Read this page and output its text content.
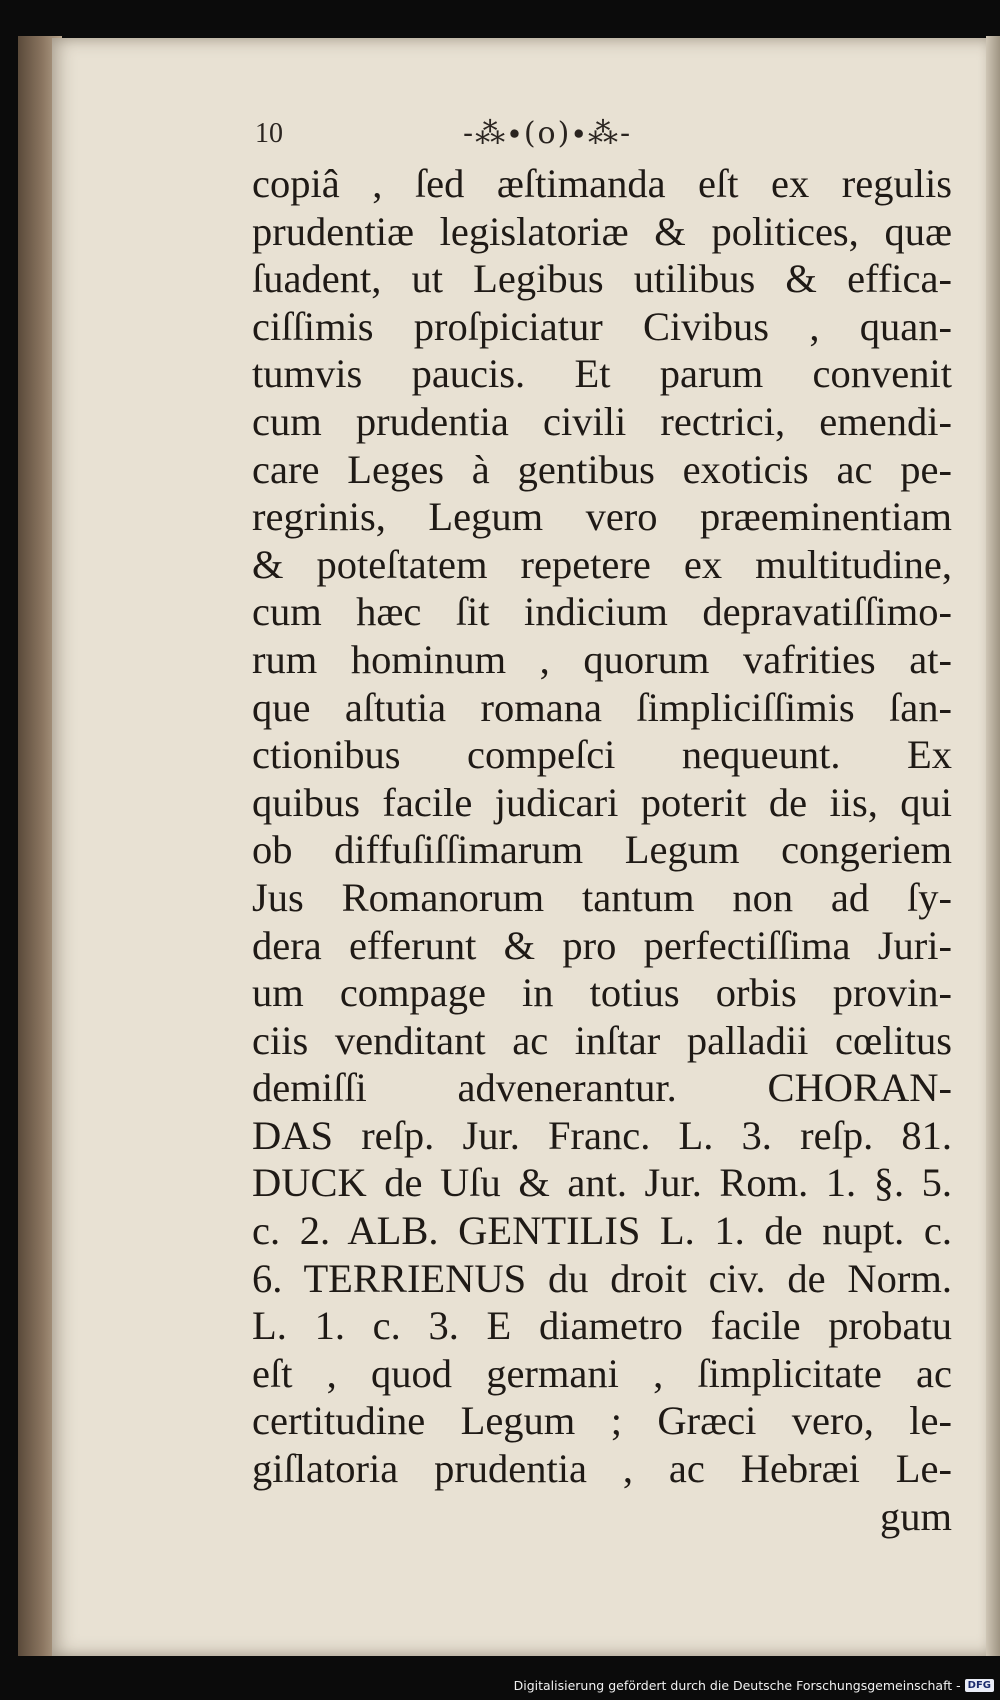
10	-⁂∙(o)∙⁂-
copiâ , ſed æſtimanda eſt ex regulis
prudentiæ legislatoriæ & politices, quæ
ſuadent, ut Legibus utilibus & effica-
ciſſimis proſpiciatur Civibus , quan-
tumvis paucis. Et parum convenit
cum prudentia civili rectrici, emendi-
care Leges à gentibus exoticis ac pe-
regrinis, Legum vero præeminentiam
& poteſtatem repetere ex multitudine,
cum hæc ſit indicium depravatiſſimo-
rum hominum , quorum vafrities at-
que aſtutia romana ſimpliciſſimis ſan-
ctionibus compeſci nequeunt. Ex
quibus facile judicari poterit de iis, qui
ob diffuſiſſimarum Legum congeriem
Jus Romanorum tantum non ad ſy-
dera efferunt & pro perfectiſſima Juri-
um compage in totius orbis provin-
ciis venditant ac inſtar palladii cœlitus
demiſſi advenerantur. CHORAN-
DAS reſp. Jur. Franc. L. 3. reſp. 81.
DUCK de Uſu & ant. Jur. Rom. 1. §. 5.
c. 2. ALB. GENTILIS L. 1. de nupt. c.
6. TERRIENUS du droit civ. de Norm.
L. 1. c. 3. E diametro facile probatu
eſt , quod germani , ſimplicitate ac
certitudine Legum ; Græci vero, le-
giſlatoria prudentia , ac Hebræi Le-
gum
Digitalisierung gefördert durch die Deutsche Forschungsgemeinschaft - DFG
